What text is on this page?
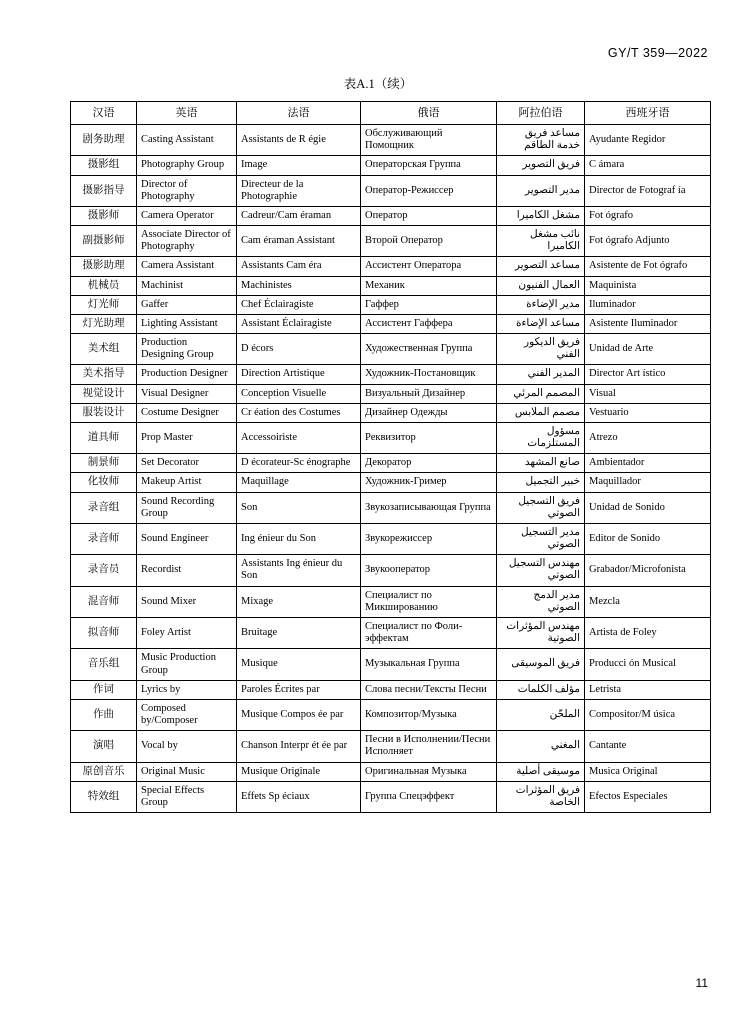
GY/T 359—2022
表A.1（续）
汉语	英语	法语	俄语	阿拉伯语	西班牙语
剧务助理	Casting Assistant	Assistants de R égie	Обслуживающий Помощник	مساعد فريق خدمة الطاقم	Ayudante Regidor
摄影组	Photography Group	Image	Операторская Группа	فريق التصوير	C ámara
摄影指导	Director of Photography	Directeur de la Photographie	Оператор-Режиссер	مدير التصوير	Director de Fotograf ía
摄影师	Camera Operator	Cadreur/Cam éraman	Оператор	مشغل الكاميرا	Fot ógrafo
副摄影师	Associate Director of Photography	Cam éraman Assistant	Второй Оператор	نائب مشغل الكاميرا	Fot ógrafo Adjunto
摄影助理	Camera Assistant	Assistants Cam éra	Ассистент Оператора	مساعد التصوير	Asistente de Fot ógrafo
机械员	Machinist	Machinistes	Механик	العمال الفنيون	Maquinista
灯光师	Gaffer	Chef Éclairagiste	Гаффер	مدير الإضاءة	Iluminador
灯光助理	Lighting Assistant	Assistant Éclairagiste	Ассистент Гаффера	مساعد الإضاءة	Asistente Iluminador
美术组	Production Designing Group	D écors	Художественная Группа	فريق الديكور الفني	Unidad de Arte
美术指导	Production Designer	Direction Artistique	Художник-Постановщик	المدير الفني	Director Art ístico
视觉设计	Visual Designer	Conception Visuelle	Визуальный Дизайнер	المصمم المرئي	Visual
服装设计	Costume Designer	Cr éation des Costumes	Дизайнер Одежды	مصمم الملابس	Vestuario
道具师	Prop Master	Accessoiriste	Реквизитор	مسؤول المستلزمات	Atrezo
制景师	Set Decorator	D écorateur-Sc énographe	Декоратор	صانع المشهد	Ambientador
化妆师	Makeup Artist	Maquillage	Художник-Гример	خبير التجميل	Maquillador
录音组	Sound Recording Group	Son	Звукозаписывающая Группа	فريق التسجيل الصوتي	Unidad de Sonido
录音师	Sound Engineer	Ing énieur du Son	Звукорежиссер	مدير التسجيل الصوتي	Editor de Sonido
录音员	Recordist	Assistants Ing énieur du Son	Звукооператор	مهندس التسجيل الصوتي	Grabador/Microfonista
混音师	Sound Mixer	Mixage	Специалист по Микшированию	مدير الدمج الصوتي	Mezcla
拟音师	Foley Artist	Bruitage	Специалист по Фоли-эффектам	مهندس المؤثرات الصوتية	Artista de Foley
音乐组	Music Production Group	Musique	Музыкальная Группа	فريق الموسيقى	Producci ón Musical
作词	Lyrics by	Paroles Écrites par	Слова песни/Тексты Песни	مؤلف الكلمات	Letrista
作曲	Composed by/Composer	Musique Compos ée par	Композитор/Музыка	الملحّن	Compositor/M úsica
演唱	Vocal by	Chanson Interpr ét ée par	Песни в Исполнении/Песни Исполняет	المغني	Cantante
原创音乐	Original Music	Musique Originale	Оригинальная Музыка	موسيقى أصلية	Musica Original
特效组	Special Effects Group	Effets Sp éciaux	Группа Спецэффект	فريق المؤثرات الخاصة	Efectos Especiales
11
